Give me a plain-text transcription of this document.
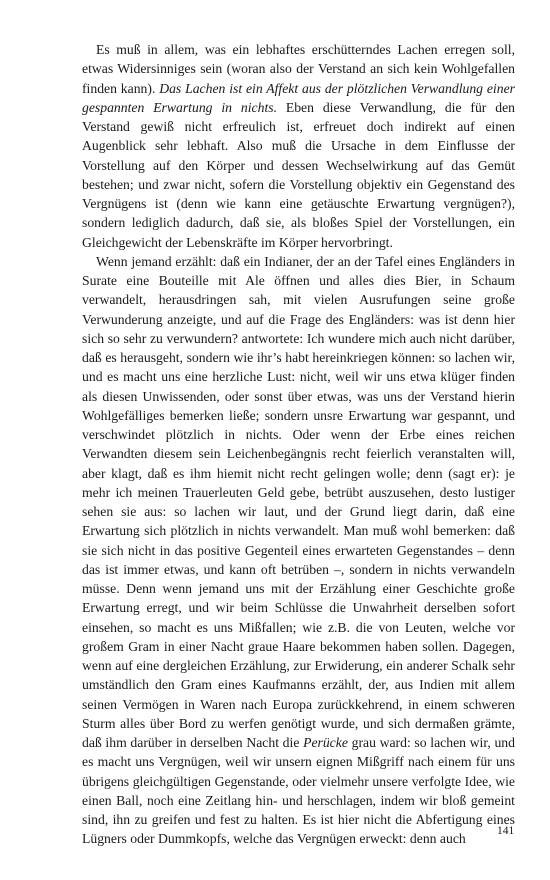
Es muß in allem, was ein lebhaftes erschütterndes Lachen erregen soll, etwas Widersinniges sein (woran also der Verstand an sich kein Wohlgefallen finden kann). Das Lachen ist ein Affekt aus der plötzlichen Verwandlung einer gespannten Erwartung in nichts. Eben diese Verwandlung, die für den Verstand gewiß nicht erfreulich ist, erfreuet doch indirekt auf einen Augenblick sehr lebhaft. Also muß die Ursache in dem Einflusse der Vorstellung auf den Körper und dessen Wechselwirkung auf das Gemüt bestehen; und zwar nicht, sofern die Vorstellung objektiv ein Gegenstand des Vergnügens ist (denn wie kann eine getäuschte Erwartung vergnügen?), sondern lediglich dadurch, daß sie, als bloßes Spiel der Vorstellungen, ein Gleichgewicht der Lebenskräfte im Körper hervorbringt.

Wenn jemand erzählt: daß ein Indianer, der an der Tafel eines Engländers in Surate eine Bouteille mit Ale öffnen und alles dies Bier, in Schaum verwandelt, herausdringen sah, mit vielen Ausrufungen seine große Verwunderung anzeigte, und auf die Frage des Engländers: was ist denn hier sich so sehr zu verwundern? antwortete: Ich wundere mich auch nicht darüber, daß es herausgeht, sondern wie ihr’s habt hereinkriegen können: so lachen wir, und es macht uns eine herzliche Lust: nicht, weil wir uns etwa klüger finden als diesen Unwissenden, oder sonst über etwas, was uns der Verstand hierin Wohlgefälliges bemerken ließe; sondern unsre Erwartung war gespannt, und verschwindet plötzlich in nichts. Oder wenn der Erbe eines reichen Verwandten diesem sein Leichenbegängnis recht feierlich veranstalten will, aber klagt, daß es ihm hiemit nicht recht gelingen wolle; denn (sagt er): je mehr ich meinen Trauerleuten Geld gebe, betrübt auszusehen, desto lustiger sehen sie aus: so lachen wir laut, und der Grund liegt darin, daß eine Erwartung sich plötzlich in nichts verwandelt. Man muß wohl bemerken: daß sie sich nicht in das positive Gegenteil eines erwarteten Gegenstandes – denn das ist immer etwas, und kann oft betrüben –, sondern in nichts verwandeln müsse. Denn wenn jemand uns mit der Erzählung einer Geschichte große Erwartung erregt, und wir beim Schlüsse die Unwahrheit derselben sofort einsehen, so macht es uns Mißfallen; wie z.B. die von Leuten, welche vor großem Gram in einer Nacht graue Haare bekommen haben sollen. Dagegen, wenn auf eine dergleichen Erzählung, zur Erwiderung, ein anderer Schalk sehr umständlich den Gram eines Kaufmanns erzählt, der, aus Indien mit allem seinen Vermögen in Waren nach Europa zurückkehrend, in einem schweren Sturm alles über Bord zu werfen genötigt wurde, und sich dermaßen grämte, daß ihm darüber in derselben Nacht die Perücke grau ward: so lachen wir, und es macht uns Vergnügen, weil wir unsern eignen Mißgriff nach einem für uns übrigens gleichgültigen Gegenstande, oder vielmehr unsere verfolgte Idee, wie einen Ball, noch eine Zeitlang hin- und herschlagen, indem wir bloß gemeint sind, ihn zu greifen und fest zu halten. Es ist hier nicht die Abfertigung eines Lügners oder Dummkopfs, welche das Vergnügen erweckt: denn auch

141
